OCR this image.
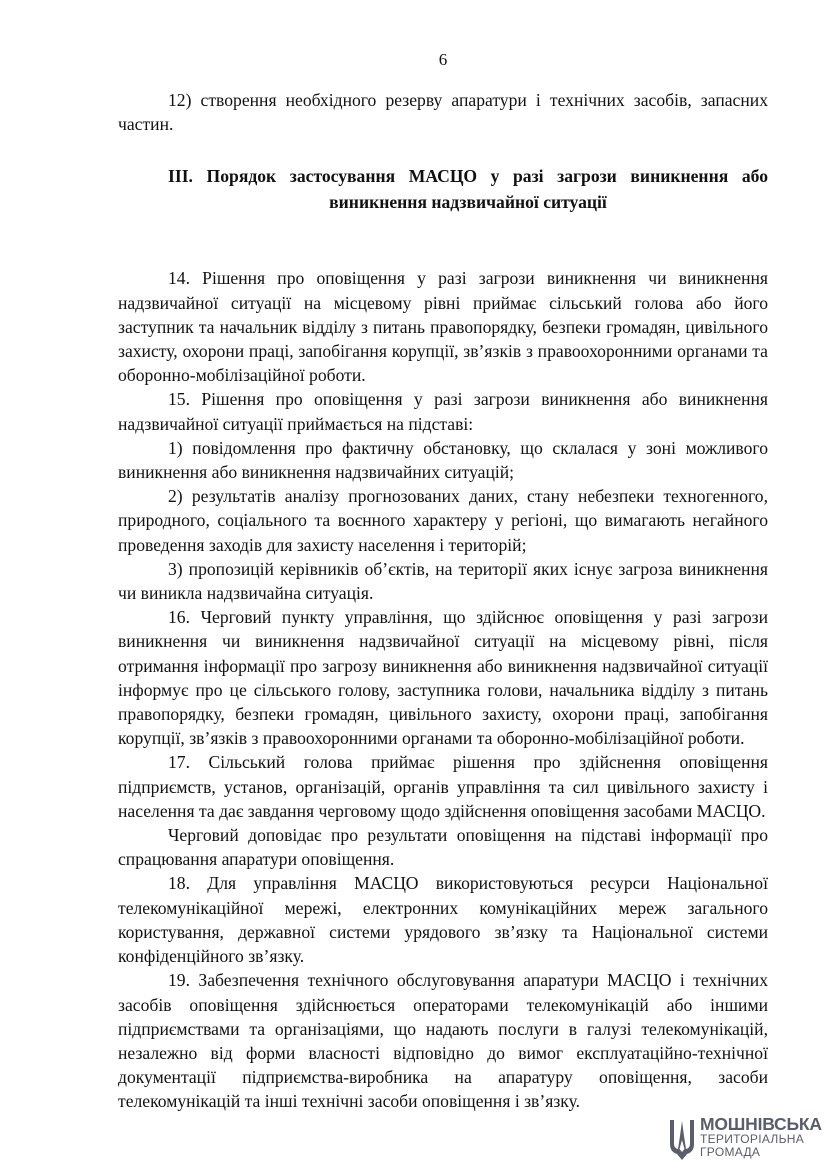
6

12) створення необхідного резерву апаратури і технічних засобів, запасних частин.

ІІІ. Порядок застосування МАСЦО у разі загрози виникнення або виникнення надзвичайної ситуації

14. Рішення про оповіщення у разі загрози виникнення чи виникнення надзвичайної ситуації на місцевому рівні приймає сільський голова або його заступник та начальник відділу з питань правопорядку, безпеки громадян, цивільного захисту, охорони праці, запобігання корупції, зв’язків з правоохоронними органами та оборонно-мобілізаційної роботи.

15. Рішення про оповіщення у разі загрози виникнення або виникнення надзвичайної ситуації приймається на підставі:

1) повідомлення про фактичну обстановку, що склалася у зоні можливого виникнення або виникнення надзвичайних ситуацій;

2) результатів аналізу прогнозованих даних, стану небезпеки техногенного, природного, соціального та воєнного характеру у регіоні, що вимагають негайного проведення заходів для захисту населення і територій;

3) пропозицій керівників об’єктів, на території яких існує загроза виникнення чи виникла надзвичайна ситуація.

16. Черговий пункту управління, що здійснює оповіщення у разі загрози виникнення чи виникнення надзвичайної ситуації на місцевому рівні, після отримання інформації про загрозу виникнення або виникнення надзвичайної ситуації інформує про це сільського голову, заступника голови, начальника відділу з питань правопорядку, безпеки громадян, цивільного захисту, охорони праці, запобігання корупції, зв’язків з правоохоронними органами та оборонно-мобілізаційної роботи.

17. Сільський голова приймає рішення про здійснення оповіщення підприємств, установ, організацій, органів управління та сил цивільного захисту і населення та дає завдання черговому щодо здійснення оповіщення засобами МАСЦО.

Черговий доповідає про результати оповіщення на підставі інформації про спрацювання апаратури оповіщення.

18. Для управління МАСЦО використовуються ресурси Національної телекомунікаційної мережі, електронних комунікаційних мереж загального користування, державної системи урядового зв’язку та Національної системи конфіденційного зв’язку.

19. Забезпечення технічного обслуговування апаратури МАСЦО і технічних засобів оповіщення здійснюється операторами телекомунікацій або іншими підприємствами та організаціями, що надають послуги в галузі телекомунікацій, незалежно від форми власності відповідно до вимог експлуатаційно-технічної документації підприємства-виробника на апаратуру оповіщення, засоби телекомунікацій та інші технічні засоби оповіщення і зв’язку.

МОШНІВСЬКА
ТЕРИТОРІАЛЬНА
ГРОМАДА
